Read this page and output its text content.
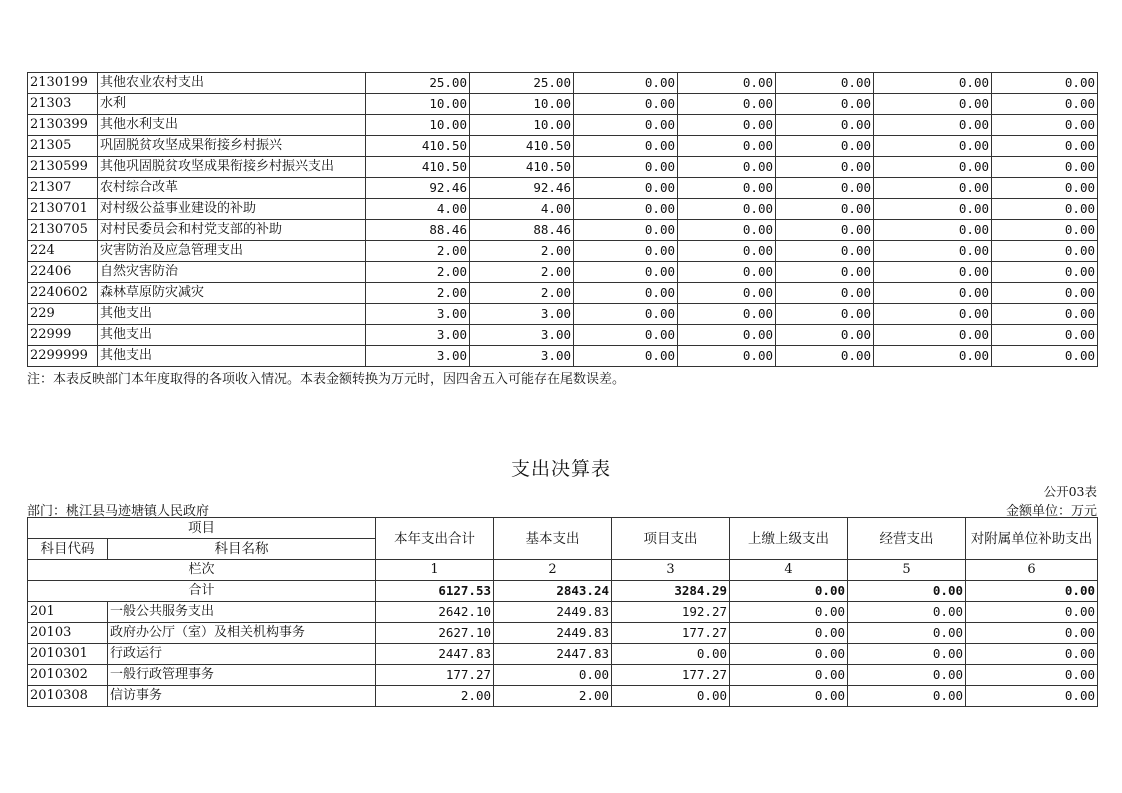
2130199	其他农业农村支出	25.00	25.00	0.00	0.00	0.00	0.00	0.00
21303	水利	10.00	10.00	0.00	0.00	0.00	0.00	0.00
2130399	其他水利支出	10.00	10.00	0.00	0.00	0.00	0.00	0.00
21305	巩固脱贫攻坚成果衔接乡村振兴	410.50	410.50	0.00	0.00	0.00	0.00	0.00
2130599	其他巩固脱贫攻坚成果衔接乡村振兴支出	410.50	410.50	0.00	0.00	0.00	0.00	0.00
21307	农村综合改革	92.46	92.46	0.00	0.00	0.00	0.00	0.00
2130701	对村级公益事业建设的补助	4.00	4.00	0.00	0.00	0.00	0.00	0.00
2130705	对村民委员会和村党支部的补助	88.46	88.46	0.00	0.00	0.00	0.00	0.00
224	灾害防治及应急管理支出	2.00	2.00	0.00	0.00	0.00	0.00	0.00
22406	自然灾害防治	2.00	2.00	0.00	0.00	0.00	0.00	0.00
2240602	森林草原防灾减灾	2.00	2.00	0.00	0.00	0.00	0.00	0.00
229	其他支出	3.00	3.00	0.00	0.00	0.00	0.00	0.00
22999	其他支出	3.00	3.00	0.00	0.00	0.00	0.00	0.00
2299999	其他支出	3.00	3.00	0.00	0.00	0.00	0.00	0.00
注：本表反映部门本年度取得的各项收入情况。本表金额转换为万元时，因四舍五入可能存在尾数误差。
支出决算表
公开03表
部门：桃江县马迹塘镇人民政府	金额单位：万元
项目		本年支出合计	基本支出	项目支出	上缴上级支出	经营支出	对附属单位补助支出
科目代码	科目名称						
栏次		1	2	3	4	5	6
合计		6127.53	2843.24	3284.29	0.00	0.00	0.00
201	一般公共服务支出	2642.10	2449.83	192.27	0.00	0.00	0.00
20103	政府办公厅（室）及相关机构事务	2627.10	2449.83	177.27	0.00	0.00	0.00
2010301	行政运行	2447.83	2447.83	0.00	0.00	0.00	0.00
2010302	一般行政管理事务	177.27	0.00	177.27	0.00	0.00	0.00
2010308	信访事务	2.00	2.00	0.00	0.00	0.00	0.00
